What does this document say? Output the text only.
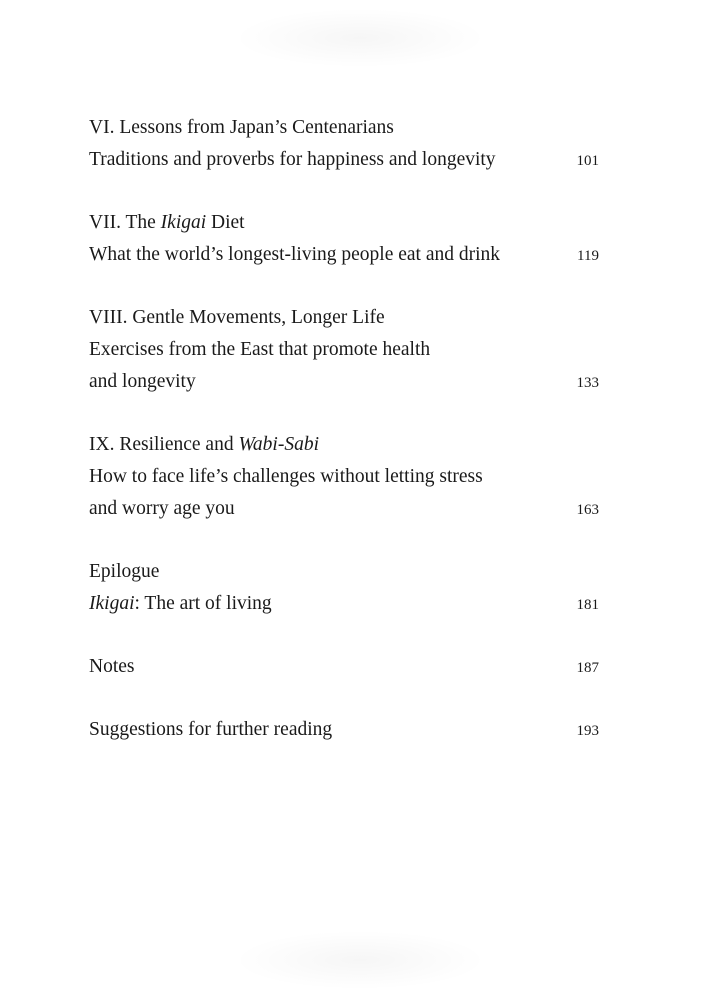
VI. Lessons from Japan’s Centenarians
Traditions and proverbs for happiness and longevity	101
VII. The Ikigai Diet
What the world’s longest-living people eat and drink	119
VIII. Gentle Movements, Longer Life
Exercises from the East that promote health
and longevity	133
IX. Resilience and Wabi-Sabi
How to face life’s challenges without letting stress
and worry age you	163
Epilogue
Ikigai: The art of living	181
Notes	187
Suggestions for further reading	193
